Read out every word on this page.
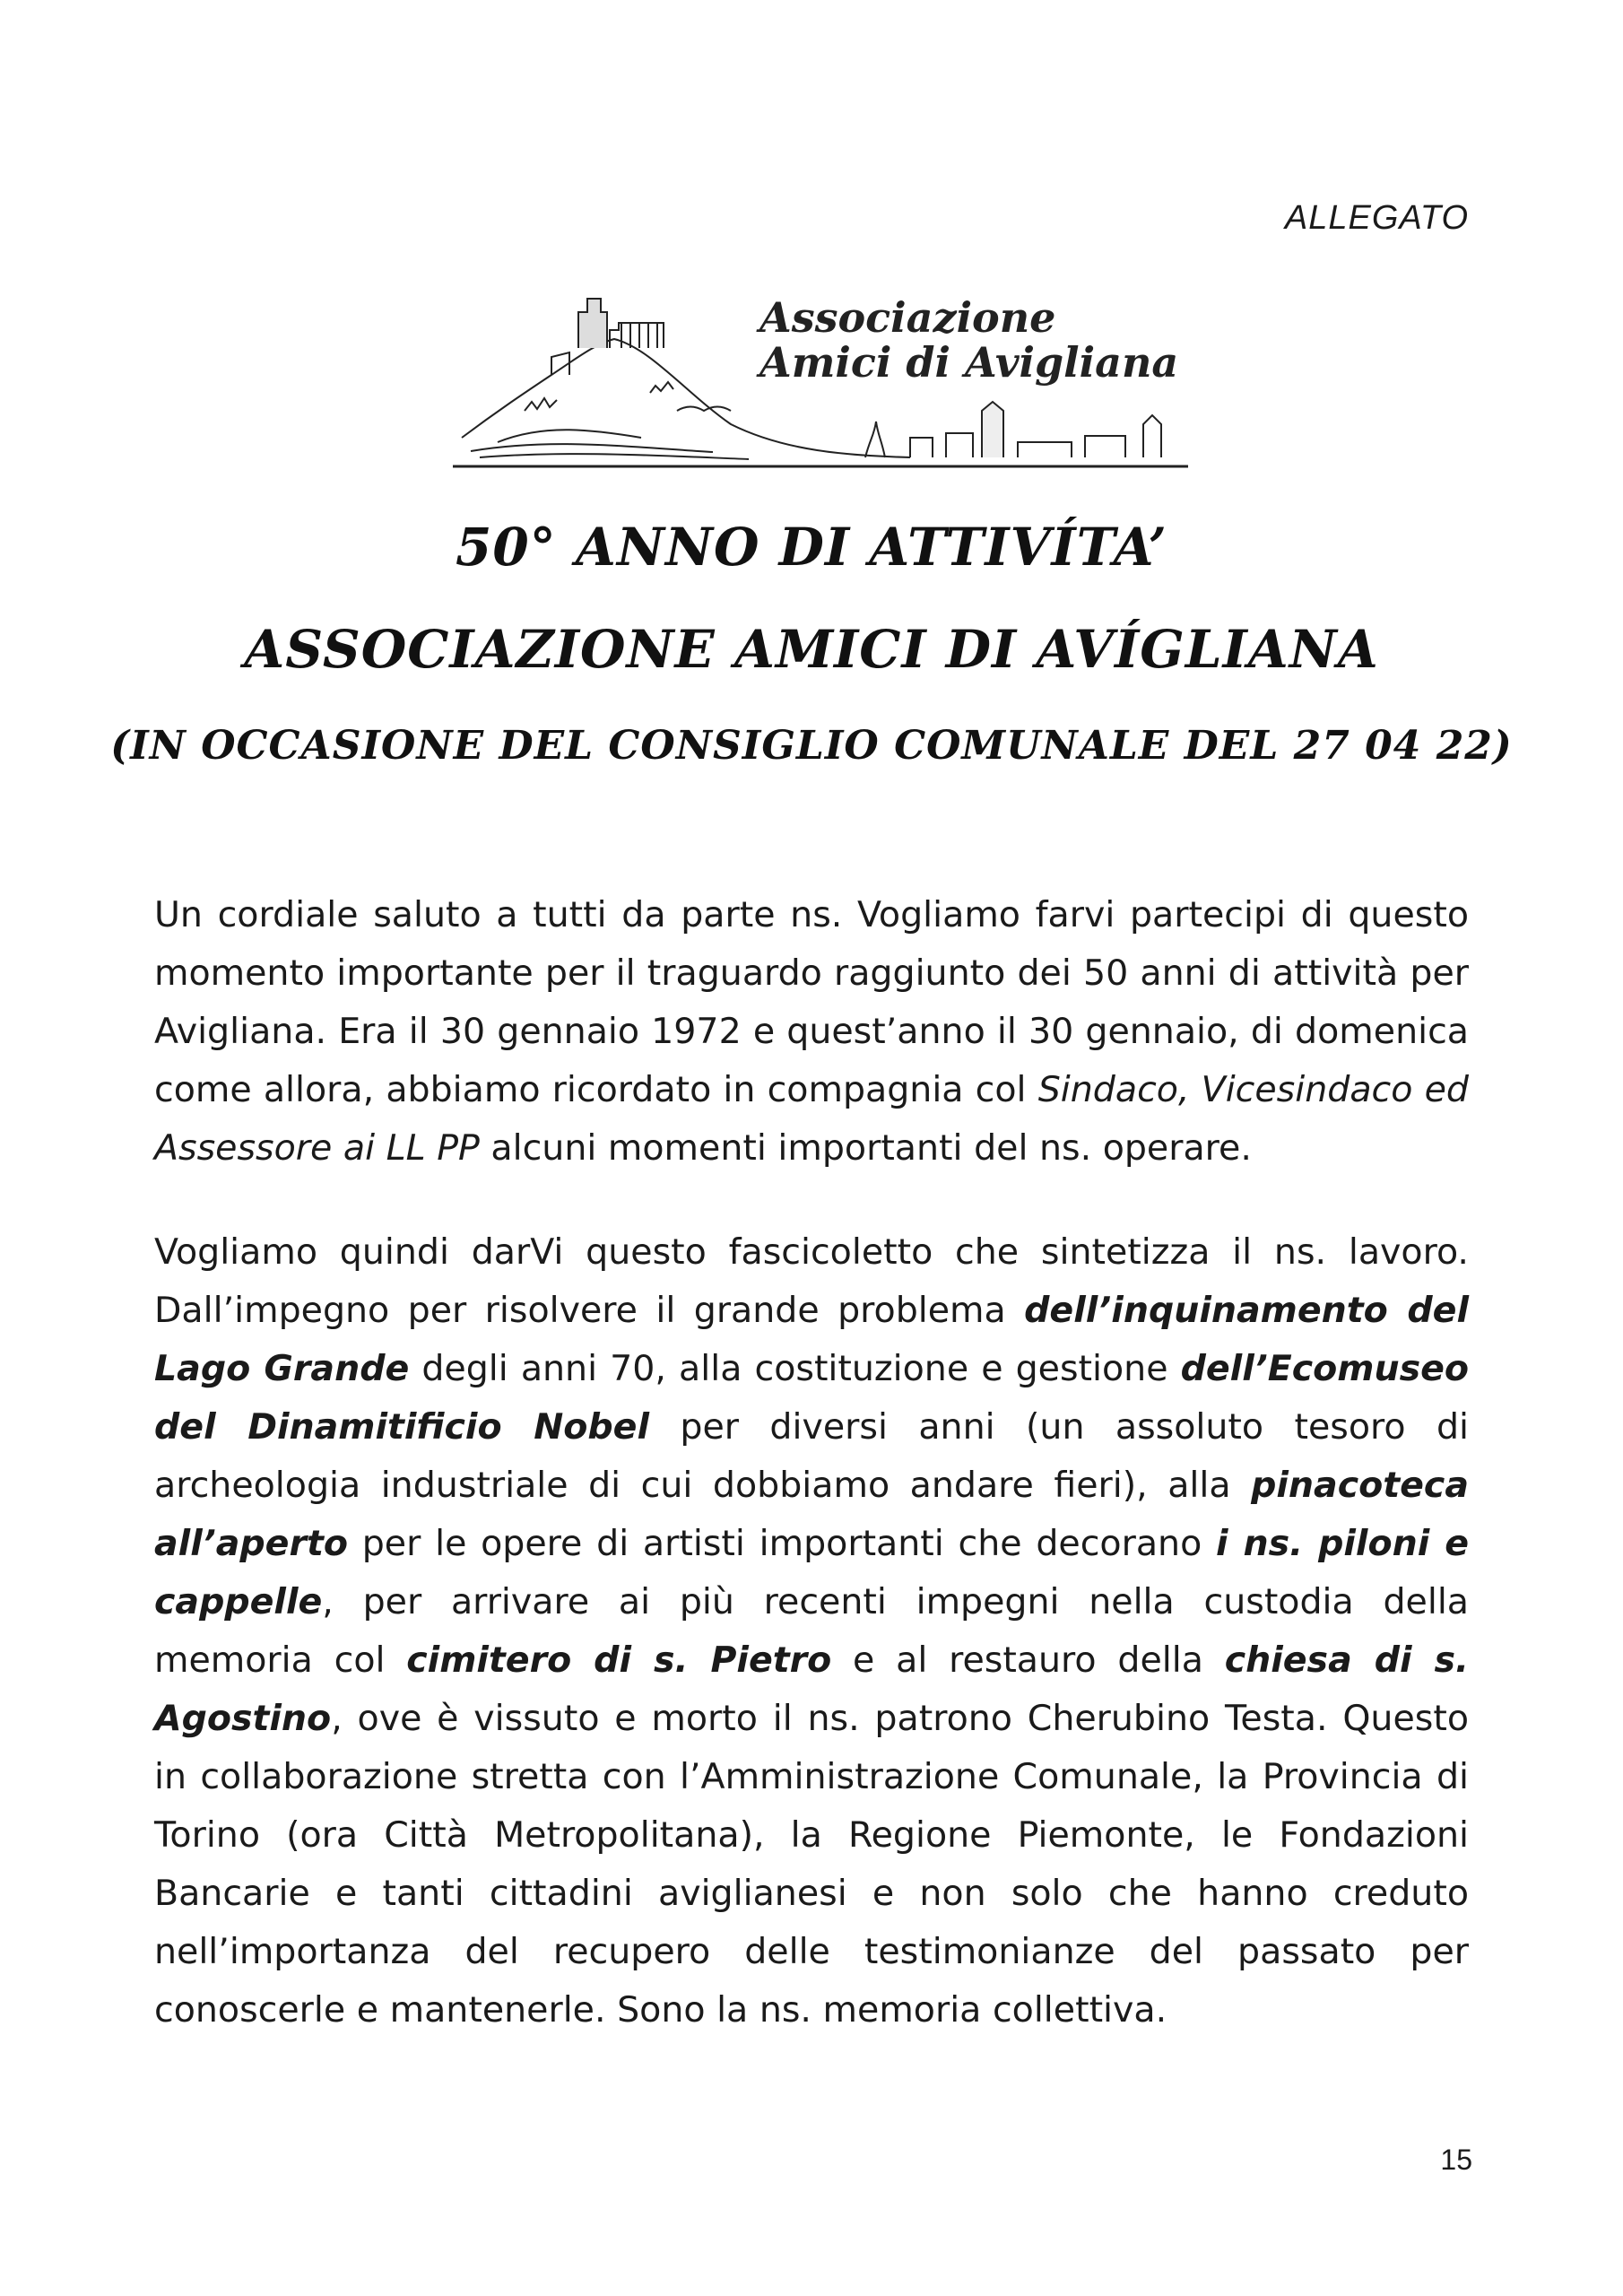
ALLEGATO
Associazione
Amici di Avigliana
50° ANNO DI ATTIVÍTA’
ASSOCIAZIONE AMICI DI AVÍGLIANA
(IN OCCASIONE DEL CONSIGLIO COMUNALE DEL 27 04 22)

Un cordiale saluto a tutti da parte ns. Vogliamo farvi partecipi di questo momento importante per il traguardo raggiunto dei 50 anni di attività per Avigliana. Era il 30 gennaio 1972 e quest’anno il 30 gennaio, di domenica come allora, abbiamo ricordato in compagnia col Sindaco, Vicesindaco ed Assessore ai LL PP alcuni momenti importanti del ns. operare.

Vogliamo quindi darVi questo fascicoletto che sintetizza il ns. lavoro. Dall’impegno per risolvere il grande problema dell’inquinamento del Lago Grande degli anni 70, alla costituzione e gestione dell’Ecomuseo del Dinamitificio Nobel per diversi anni (un assoluto tesoro di archeologia industriale di cui dobbiamo andare fieri), alla pinacoteca all’aperto per le opere di artisti importanti che decorano i ns. piloni e cappelle, per arrivare ai più recenti impegni nella custodia della memoria col cimitero di s. Pietro e al restauro della chiesa di s. Agostino, ove è vissuto e morto il ns. patrono Cherubino Testa. Questo in collaborazione stretta con l’Amministrazione Comunale, la Provincia di Torino (ora Città Metropolitana), la Regione Piemonte, le Fondazioni Bancarie e tanti cittadini aviglianesi e non solo che hanno creduto nell’importanza del recupero delle testimonianze del passato per conoscerle e mantenerle. Sono la ns. memoria collettiva.

15
